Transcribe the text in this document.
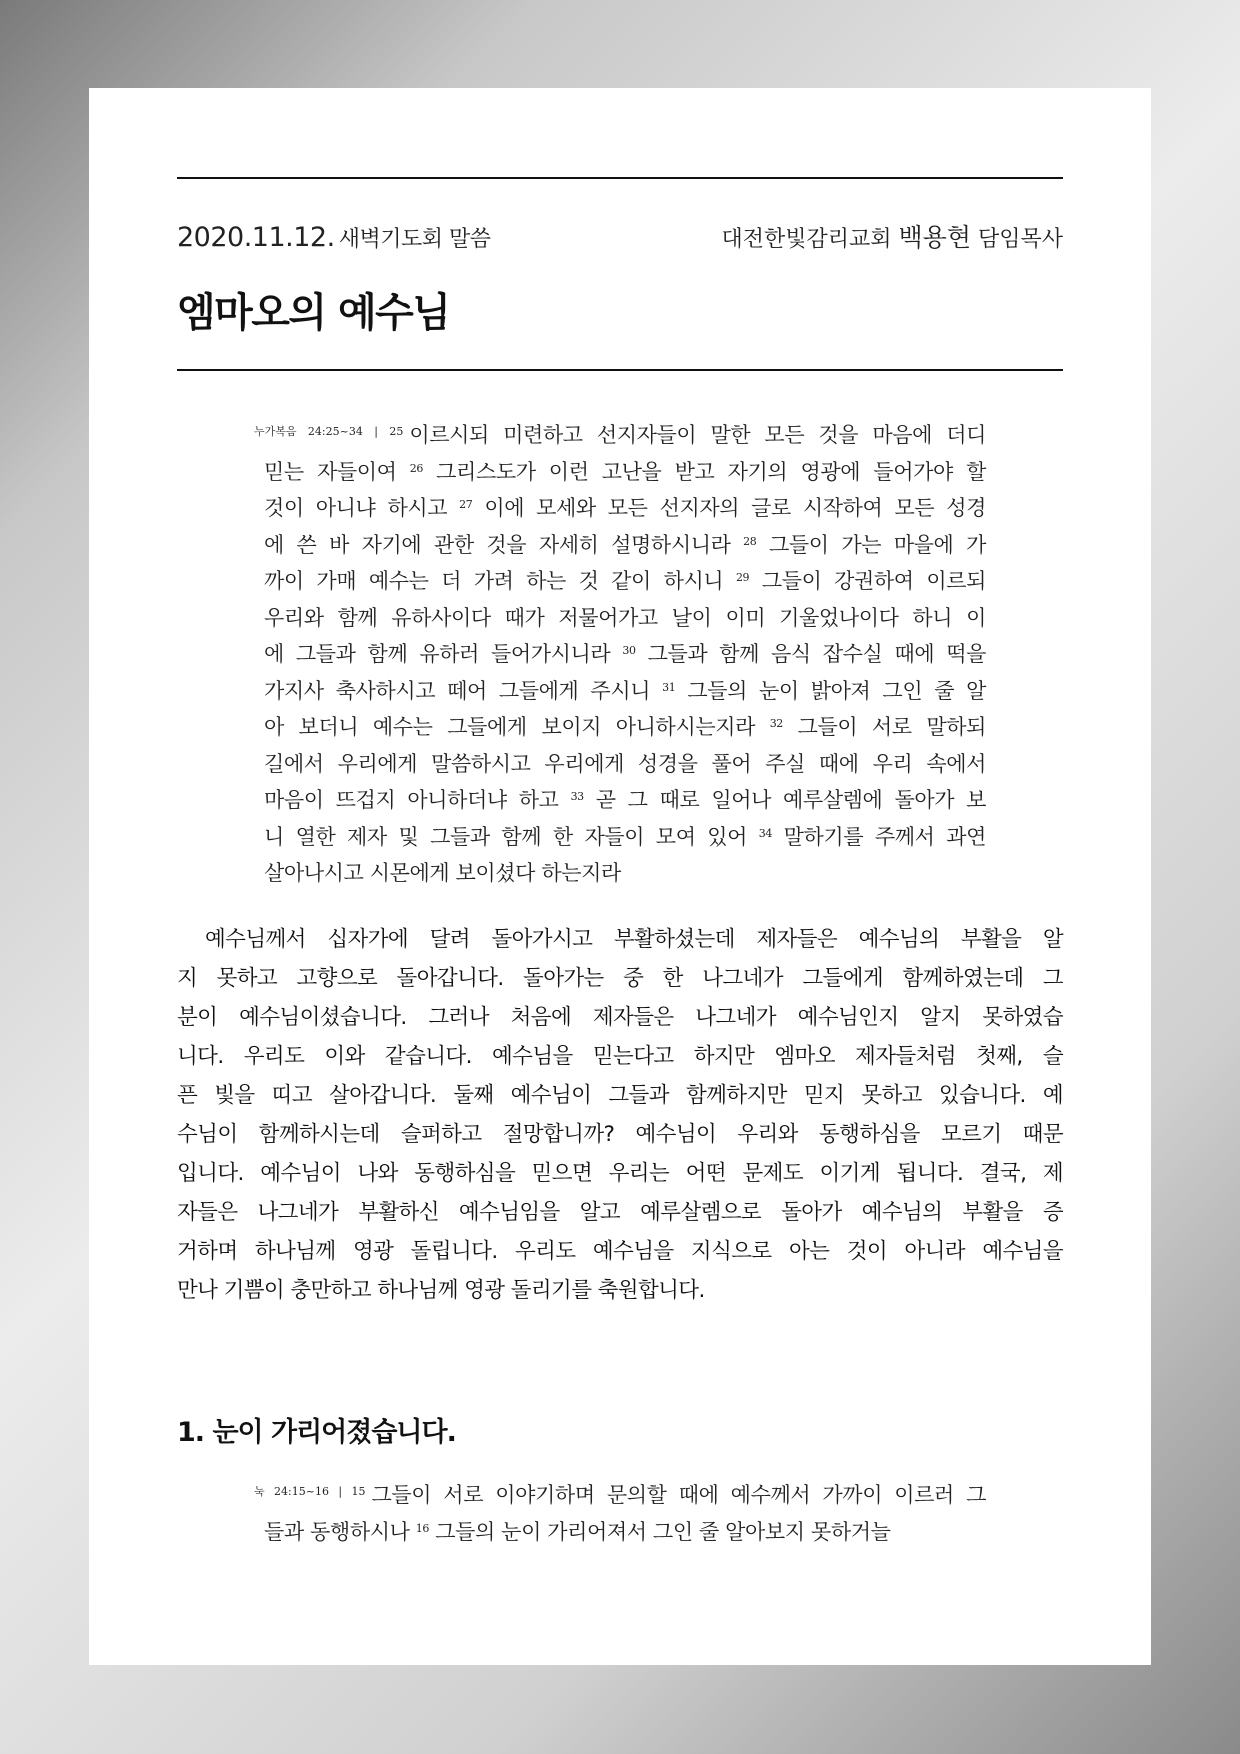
2020.11.12. 새벽기도회 말씀	대전한빛감리교회 백용현 담임목사
엠마오의 예수님
$^{누가복음 24:25\sim 34 | 25}$ 이르시되 미련하고 선지자들이 말한 모든 것을 마음에 더디
믿는 자들이여 $^{26}$ 그리스도가 이런 고난을 받고 자기의 영광에 들어가야 할
것이 아니냐 하시고 $^{27}$ 이에 모세와 모든 선지자의 글로 시작하여 모든 성경
에 쓴 바 자기에 관한 것을 자세히 설명하시니라 $^{28}$ 그들이 가는 마을에 가
까이 가매 예수는 더 가려 하는 것 같이 하시니 $^{29}$ 그들이 강권하여 이르되
우리와 함께 유하사이다 때가 저물어가고 날이 이미 기울었나이다 하니 이
에 그들과 함께 유하러 들어가시니라 $^{30}$ 그들과 함께 음식 잡수실 때에 떡을
가지사 축사하시고 떼어 그들에게 주시니 $^{31}$ 그들의 눈이 밝아져 그인 줄 알
아 보더니 예수는 그들에게 보이지 아니하시는지라 $^{32}$ 그들이 서로 말하되
길에서 우리에게 말씀하시고 우리에게 성경을 풀어 주실 때에 우리 속에서
마음이 뜨겁지 아니하더냐 하고 $^{33}$ 곧 그 때로 일어나 예루살렘에 돌아가 보
니 열한 제자 및 그들과 함께 한 자들이 모여 있어 $^{34}$ 말하기를 주께서 과연
살아나시고 시몬에게 보이셨다 하는지라
예수님께서 십자가에 달려 돌아가시고 부활하셨는데 제자들은 예수님의 부활을 알
지 못하고 고향으로 돌아갑니다. 돌아가는 중 한 나그네가 그들에게 함께하였는데 그
분이 예수님이셨습니다. 그러나 처음에 제자들은 나그네가 예수님인지 알지 못하였습
니다. 우리도 이와 같습니다. 예수님을 믿는다고 하지만 엠마오 제자들처럼 첫째, 슬
픈 빛을 띠고 살아갑니다. 둘째 예수님이 그들과 함께하지만 믿지 못하고 있습니다. 예
수님이 함께하시는데 슬퍼하고 절망합니까? 예수님이 우리와 동행하심을 모르기 때문
입니다. 예수님이 나와 동행하심을 믿으면 우리는 어떤 문제도 이기게 됩니다. 결국, 제
자들은 나그네가 부활하신 예수님임을 알고 예루살렘으로 돌아가 예수님의 부활을 증
거하며 하나님께 영광 돌립니다. 우리도 예수님을 지식으로 아는 것이 아니라 예수님을
만나 기쁨이 충만하고 하나님께 영광 돌리기를 축원합니다.
1. 눈이 가리어졌습니다.
$^{눅 24:15\sim 16 | 15}$ 그들이 서로 이야기하며 문의할 때에 예수께서 가까이 이르러 그
들과 동행하시나 $^{16}$ 그들의 눈이 가리어져서 그인 줄 알아보지 못하거늘
